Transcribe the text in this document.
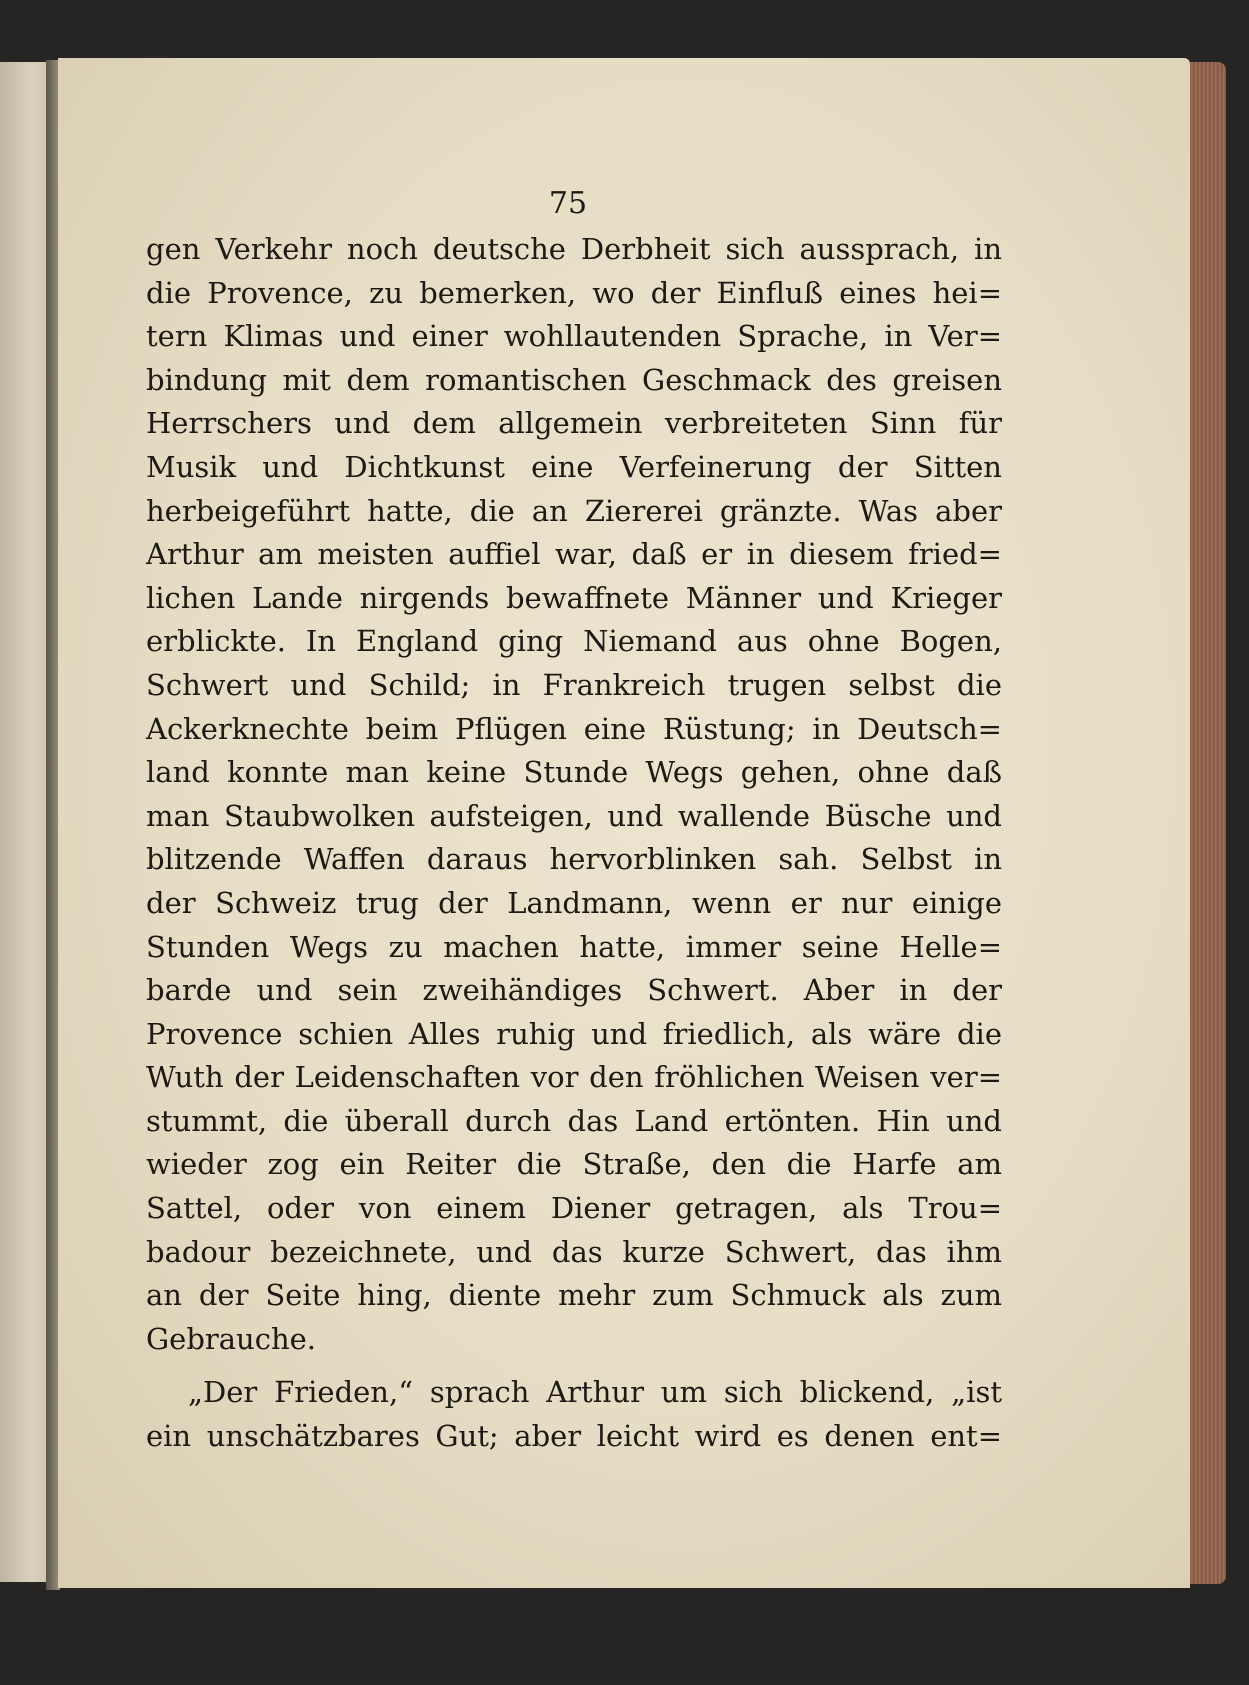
75
gen Verkehr noch deutsche Derbheit sich aussprach, in
die Provence, zu bemerken, wo der Einfluß eines hei=
tern Klimas und einer wohllautenden Sprache, in Ver=
bindung mit dem romantischen Geschmack des greisen
Herrschers und dem allgemein verbreiteten Sinn für
Musik und Dichtkunst eine Verfeinerung der Sitten
herbeigeführt hatte, die an Ziererei gränzte. Was aber
Arthur am meisten auffiel war, daß er in diesem fried=
lichen Lande nirgends bewaffnete Männer und Krieger
erblickte. In England ging Niemand aus ohne Bogen,
Schwert und Schild; in Frankreich trugen selbst die
Ackerknechte beim Pflügen eine Rüstung; in Deutsch=
land konnte man keine Stunde Wegs gehen, ohne daß
man Staubwolken aufsteigen, und wallende Büsche und
blitzende Waffen daraus hervorblinken sah. Selbst in
der Schweiz trug der Landmann, wenn er nur einige
Stunden Wegs zu machen hatte, immer seine Helle=
barde und sein zweihändiges Schwert. Aber in der
Provence schien Alles ruhig und friedlich, als wäre die
Wuth der Leidenschaften vor den fröhlichen Weisen ver=
stummt, die überall durch das Land ertönten. Hin und
wieder zog ein Reiter die Straße, den die Harfe am
Sattel, oder von einem Diener getragen, als Trou=
badour bezeichnete, und das kurze Schwert, das ihm
an der Seite hing, diente mehr zum Schmuck als zum
Gebrauche.
„Der Frieden,“ sprach Arthur um sich blickend, „ist
ein unschätzbares Gut; aber leicht wird es denen ent=
